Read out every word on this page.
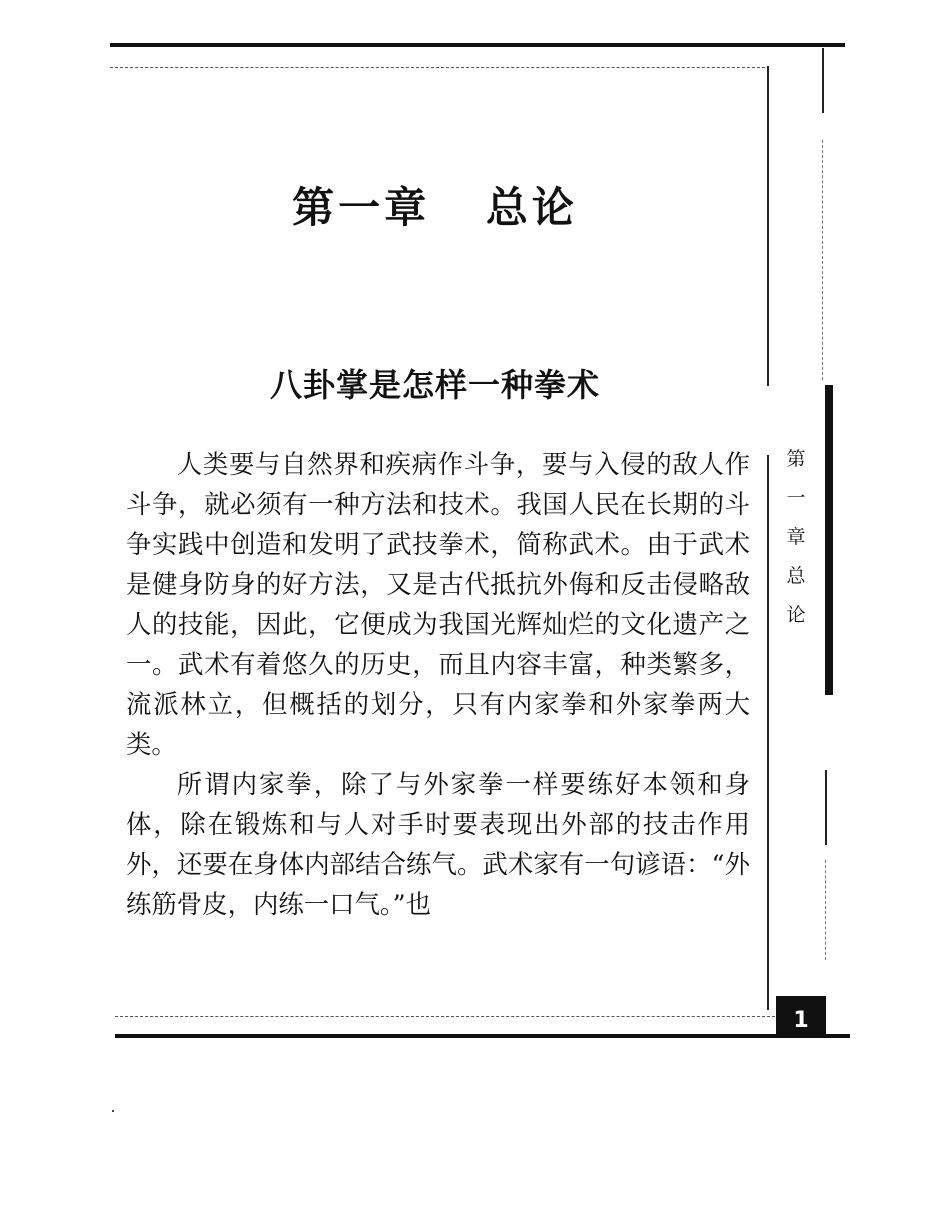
第一章   总论
八卦掌是怎样一种拳术

人类要与自然界和疾病作斗争，要与入侵的敌人作斗争，就必须有一种方法和技术。我国人民在长期的斗争实践中创造和发明了武技拳术，简称武术。由于武术是健身防身的好方法，又是古代抵抗外侮和反击侵略敌人的技能，因此，它便成为我国光辉灿烂的文化遗产之一。武术有着悠久的历史，而且内容丰富，种类繁多，流派林立，但概括的划分，只有内家拳和外家拳两大类。

所谓内家拳，除了与外家拳一样要练好本领和身体，除在锻炼和与人对手时要表现出外部的技击作用外，还要在身体内部结合练气。武术家有一句谚语：“外练筋骨皮，内练一口气。”也

第
一
章
总
论
1
